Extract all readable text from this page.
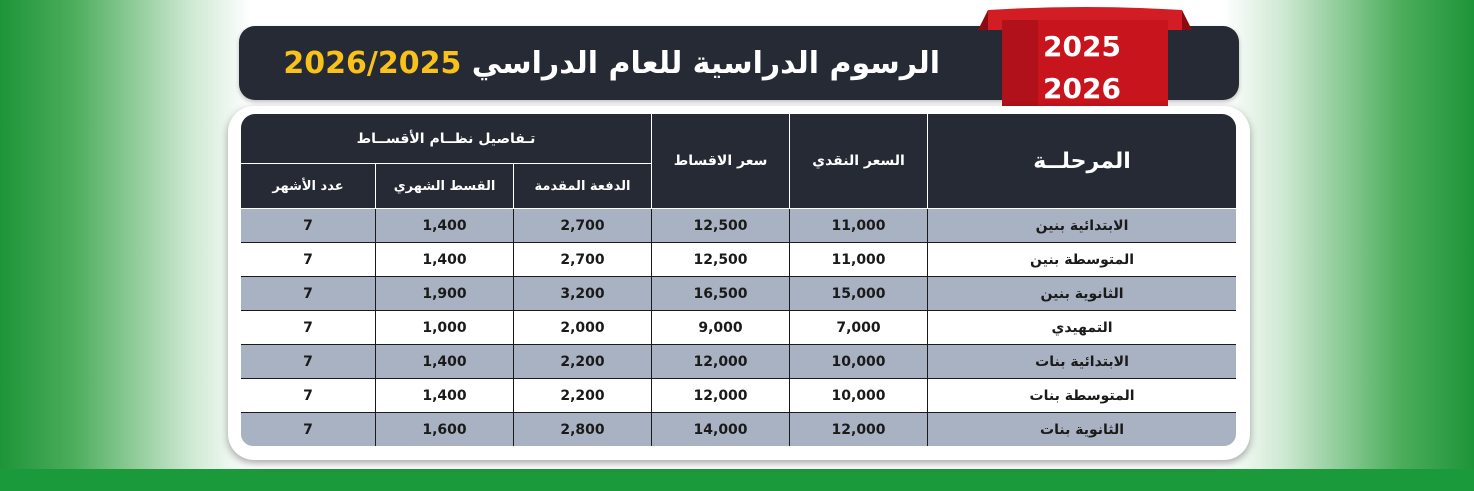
الرسوم الدراسية للعام الدراسي 2026/2025	2025
2026
المرحلــة	السعر النقدي	سعر الاقساط	تـفاصيل نظــام الأقســاط		
			الدفعة المقدمة	القسط الشهري	عدد الأشهر
الابتدائية بنين	11,000	12,500	2,700	1,400	7
المتوسطة بنين	11,000	12,500	2,700	1,400	7
الثانوية بنين	15,000	16,500	3,200	1,900	7
التمهيدي	7,000	9,000	2,000	1,000	7
الابتدائية بنات	10,000	12,000	2,200	1,400	7
المتوسطة بنات	10,000	12,000	2,200	1,400	7
الثانوية بنات	12,000	14,000	2,800	1,600	7
